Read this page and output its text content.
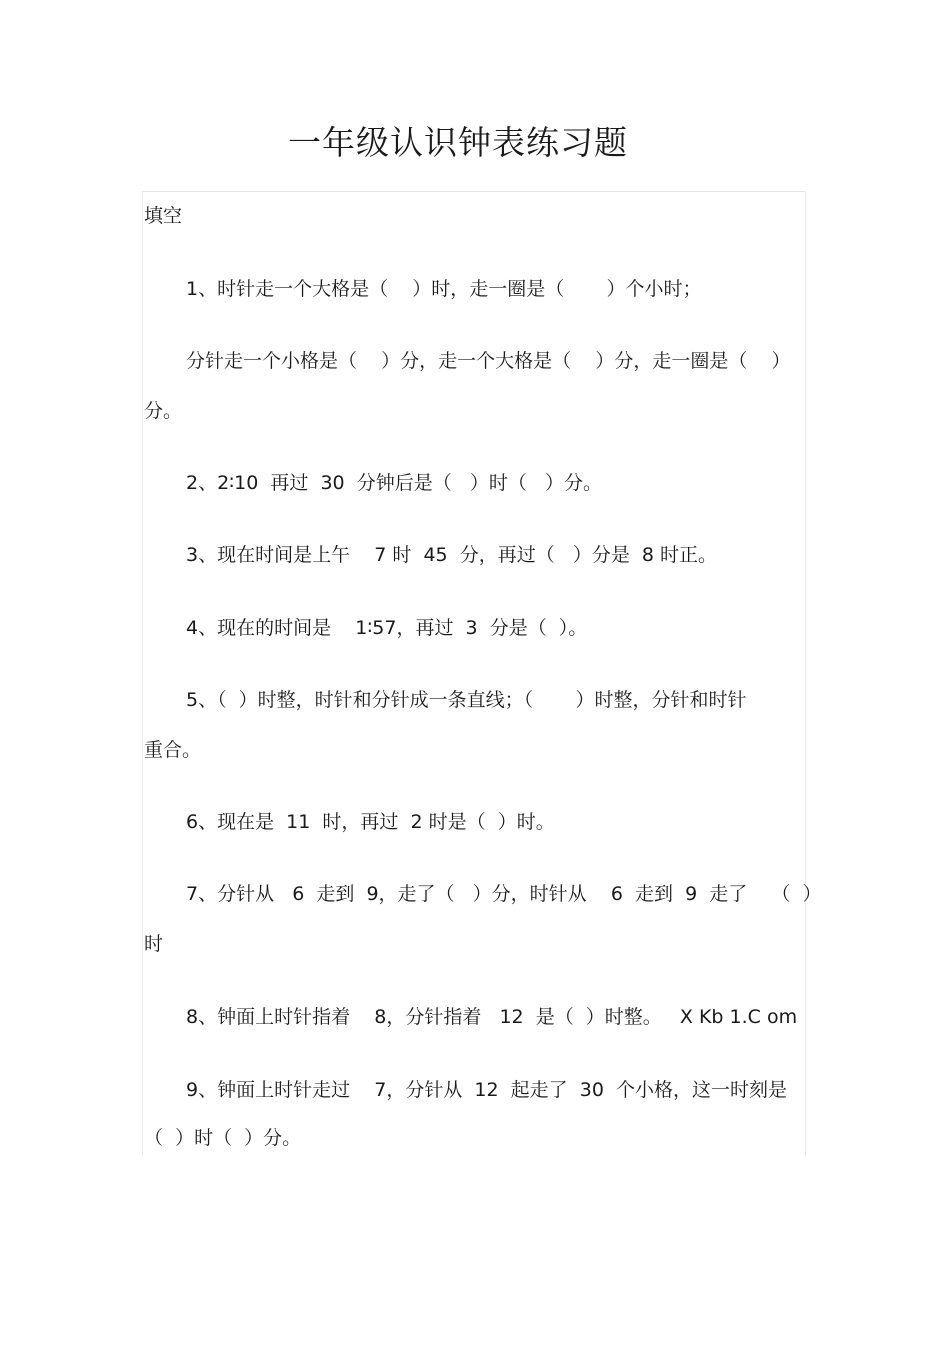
一年级认识钟表练习题
填空
1、时针走一个大格是（    ）时，走一圈是（       ）个小时；
分针走一个小格是（    ）分，走一个大格是（    ）分，走一圈是（    ）
分。
2、2∶10  再过  30  分钟后是（   ）时（   ）分。
3、现在时间是上午    7 时  45  分，再过（   ）分是  8 时正。
4、现在的时间是    1∶57，再过  3  分是（  ）。
5、（  ）时整，时针和分针成一条直线；（       ）时整，分针和时针
重合。
6、现在是  11  时，再过  2 时是（  ）时。
7、分针从   6  走到  9，走了（   ）分，时针从    6  走到  9  走了    （  ）
时
8、钟面上时针指着    8，分针指着   12  是（  ）时整。   X Kb 1.C om
9、钟面上时针走过    7，分针从  12  起走了  30  个小格，这一时刻是
（  ）时（  ）分。
